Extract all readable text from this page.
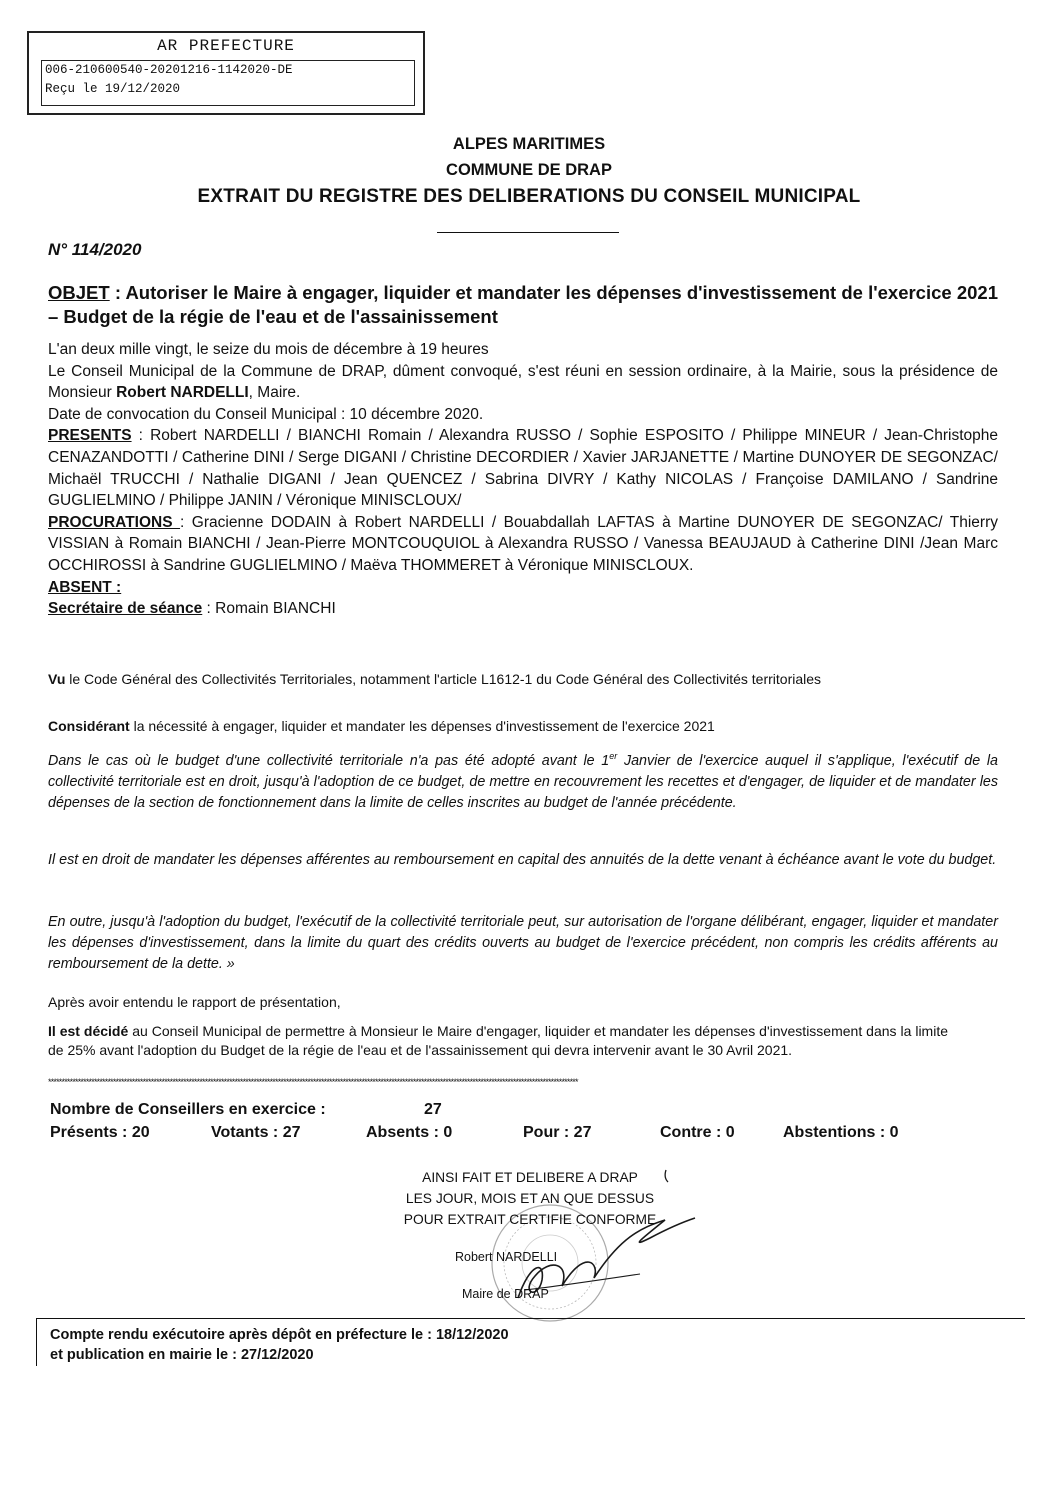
AR PREFECTURE
006-210600540-20201216-1142020-DE
Reçu le 19/12/2020
ALPES MARITIMES
COMMUNE DE DRAP
EXTRAIT DU REGISTRE DES DELIBERATIONS DU CONSEIL MUNICIPAL
N° 114/2020
OBJET : Autoriser le Maire à engager, liquider et mandater les dépenses d'investissement de l'exercice 2021 – Budget de la régie de l'eau et de l'assainissement
L'an deux mille vingt, le seize du mois de décembre à 19 heures
Le Conseil Municipal de la Commune de DRAP, dûment convoqué, s'est réuni en session ordinaire, à la Mairie, sous la présidence de Monsieur Robert NARDELLI, Maire.
Date de convocation du Conseil Municipal : 10 décembre 2020.
PRESENTS : Robert NARDELLI / BIANCHI Romain / Alexandra RUSSO / Sophie ESPOSITO / Philippe MINEUR / Jean-Christophe CENAZANDOTTI / Catherine DINI / Serge DIGANI / Christine DECORDIER / Xavier JARJANETTE / Martine DUNOYER DE SEGONZAC/ Michaël TRUCCHI / Nathalie DIGANI / Jean QUENCEZ / Sabrina DIVRY / Kathy NICOLAS / Françoise DAMILANO / Sandrine GUGLIELMINO / Philippe JANIN / Véronique MINISCLOUX/
PROCURATIONS : Gracienne DODAIN à Robert NARDELLI / Bouabdallah LAFTAS à Martine DUNOYER DE SEGONZAC/ Thierry VISSIAN à Romain BIANCHI / Jean-Pierre MONTCOUQUIOL à Alexandra RUSSO / Vanessa BEAUJAUD à Catherine DINI /Jean Marc OCCHIROSSI à Sandrine GUGLIELMINO / Maëva THOMMERET à Véronique MINISCLOUX.
ABSENT :
Secrétaire de séance : Romain BIANCHI
Vu le Code Général des Collectivités Territoriales, notamment l'article L1612-1 du Code Général des Collectivités territoriales
Considérant la nécessité à engager, liquider et mandater les dépenses d'investissement de l'exercice 2021
Dans le cas où le budget d'une collectivité territoriale n'a pas été adopté avant le 1er Janvier de l'exercice auquel il s'applique, l'exécutif de la collectivité territoriale est en droit, jusqu'à l'adoption de ce budget, de mettre en recouvrement les recettes et d'engager, de liquider et de mandater les dépenses de la section de fonctionnement dans la limite de celles inscrites au budget de l'année précédente.
Il est en droit de mandater les dépenses afférentes au remboursement en capital des annuités de la dette venant à échéance avant le vote du budget.
En outre, jusqu'à l'adoption du budget, l'exécutif de la collectivité territoriale peut, sur autorisation de l'organe délibérant, engager, liquider et mandater les dépenses d'investissement, dans la limite du quart des crédits ouverts au budget de l'exercice précédent, non compris les crédits afférents au remboursement de la dette. »
Après avoir entendu le rapport de présentation,
Il est décidé au Conseil Municipal de permettre à Monsieur le Maire d'engager, liquider et mandater les dépenses d'investissement dans la limite de 25% avant l'adoption du Budget de la régie de l'eau et de l'assainissement qui devra intervenir avant le 30 Avril 2021.
****************************************************************************************************************************************************************************************************
Nombre de Conseillers en exercice :	27
Présents : 20	Votants : 27	Absents : 0	Pour : 27	Contre : 0	Abstentions : 0
AINSI FAIT ET DELIBERE A DRAP
LES JOUR, MOIS ET AN QUE DESSUS
POUR EXTRAIT CERTIFIE CONFORME
Robert NARDELLI
Maire de DRAP
Compte rendu exécutoire après dépôt en préfecture le : 18/12/2020
et publication en mairie le : 27/12/2020
